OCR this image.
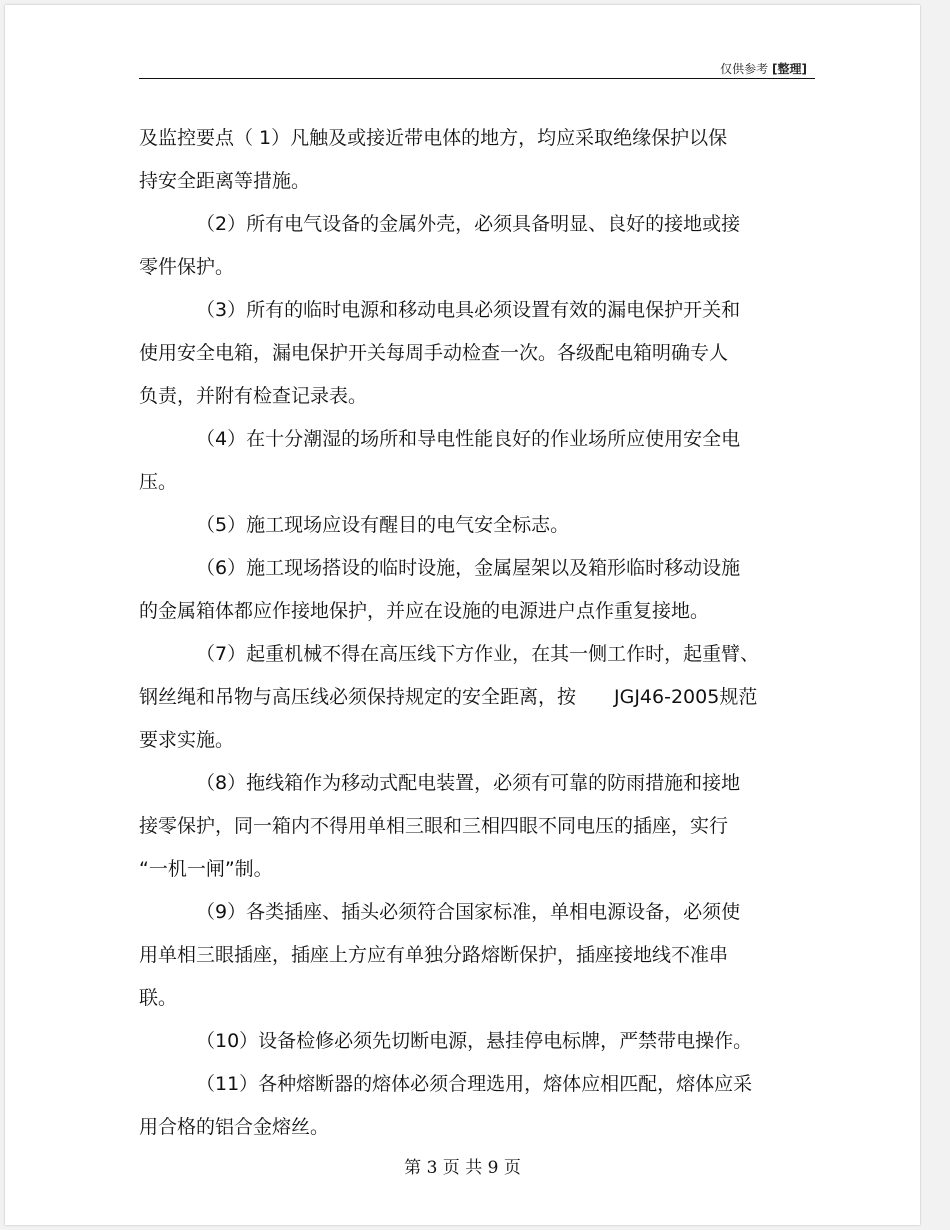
仅供参考 [整理]
及监控要点（ 1）凡触及或接近带电体的地方，均应采取绝缘保护以保
持安全距离等措施。
（2）所有电气设备的金属外壳，必须具备明显、良好的接地或接
零件保护。
（3）所有的临时电源和移动电具必须设置有效的漏电保护开关和
使用安全电箱，漏电保护开关每周手动检查一次。各级配电箱明确专人
负责，并附有检查记录表。
（4）在十分潮湿的场所和导电性能良好的作业场所应使用安全电
压。
（5）施工现场应设有醒目的电气安全标志。
（6）施工现场搭设的临时设施，金属屋架以及箱形临时移动设施
的金属箱体都应作接地保护，并应在设施的电源进户点作重复接地。
（7）起重机械不得在高压线下方作业，在其一侧工作时，起重臂、
钢丝绳和吊物与高压线必须保持规定的安全距离，按　　JGJ46-2005规范
要求实施。
（8）拖线箱作为移动式配电装置，必须有可靠的防雨措施和接地
接零保护，同一箱内不得用单相三眼和三相四眼不同电压的插座，实行
“一机一闸”制。
（9）各类插座、插头必须符合国家标准，单相电源设备，必须使
用单相三眼插座，插座上方应有单独分路熔断保护，插座接地线不准串
联。
（10）设备检修必须先切断电源，悬挂停电标牌，严禁带电操作。
（11）各种熔断器的熔体必须合理选用，熔体应相匹配，熔体应采
用合格的铝合金熔丝。
第 3 页 共 9 页
